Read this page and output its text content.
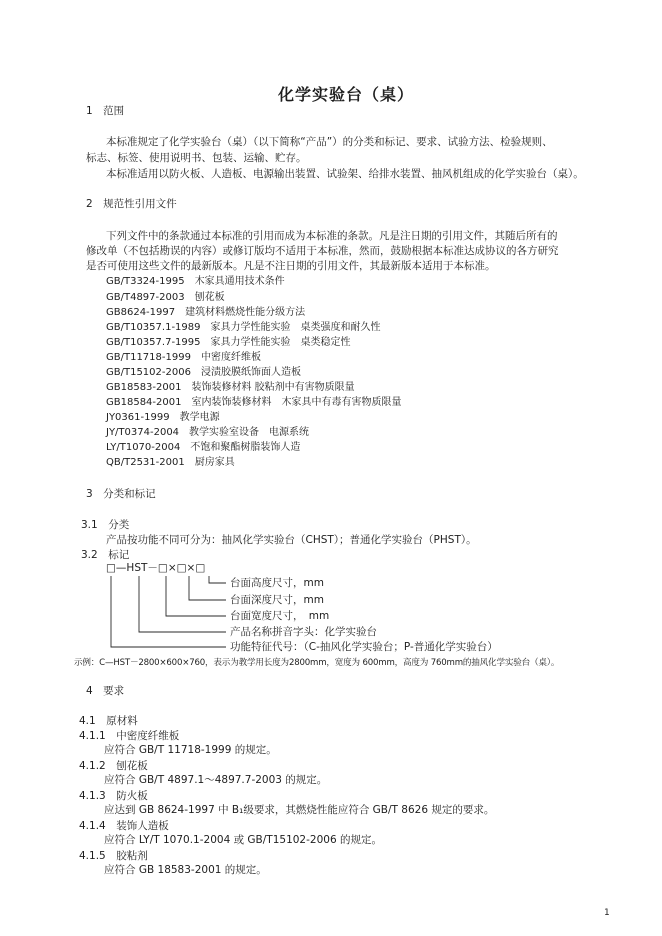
化学实验台（桌）
1　范围
本标准规定了化学实验台（桌）（以下简称“产品”）的分类和标记、要求、试验方法、检验规则、
标志、标签、使用说明书、包装、运输、贮存。
本标准适用以防火板、人造板、电源输出装置、试验架、给排水装置、抽风机组成的化学实验台（桌）。
2　规范性引用文件
下列文件中的条款通过本标准的引用而成为本标准的条款。凡是注日期的引用文件，其随后所有的
修改单（不包括勘误的内容）或修订版均不适用于本标准，然而，鼓励根据本标准达成协议的各方研究
是否可使用这些文件的最新版本。凡是不注日期的引用文件，其最新版本适用于本标准。
GB/T3324-1995　木家具通用技术条件
GB/T4897-2003　刨花板
GB8624-1997　建筑材料燃烧性能分级方法
GB/T10357.1-1989　家具力学性能实验　桌类强度和耐久性
GB/T10357.7-1995　家具力学性能实验　桌类稳定性
GB/T11718-1999　中密度纤维板
GB/T15102-2006　浸渍胶膜纸饰面人造板
GB18583-2001　装饰装修材料 胶粘剂中有害物质限量
GB18584-2001　室内装饰装修材料　木家具中有毒有害物质限量
JY0361-1999　教学电源
JY/T0374-2004　教学实验室设备　电源系统
LY/T1070-2004　不饱和聚酯树脂装饰人造
QB/T2531-2001　厨房家具
3　分类和标记
3.1　分类
产品按功能不同可分为：抽风化学实验台（CHST）；普通化学实验台（PHST）。
3.2　标记
□—HST－□×□×□
台面高度尺寸，mm
台面深度尺寸，mm
台面宽度尺寸，　mm
产品名称拼音字头：化学实验台
功能特征代号：（C-抽风化学实验台；P-普通化学实验台）
示例：C—HST－2800×600×760，表示为教学用长度为2800mm，宽度为 600mm，高度为 760mm的抽风化学实验台（桌）。
4　要求
4.1　原材料
4.1.1　中密度纤维板
应符合 GB/T 11718-1999 的规定。
4.1.2　刨花板
应符合 GB/T 4897.1～4897.7-2003 的规定。
4.1.3　防火板
应达到 GB 8624-1997 中 B₁级要求，其燃烧性能应符合 GB/T 8626 规定的要求。
4.1.4　装饰人造板
应符合 LY/T 1070.1-2004 或 GB/T15102-2006 的规定。
4.1.5　胶粘剂
应符合 GB 18583-2001 的规定。
1
